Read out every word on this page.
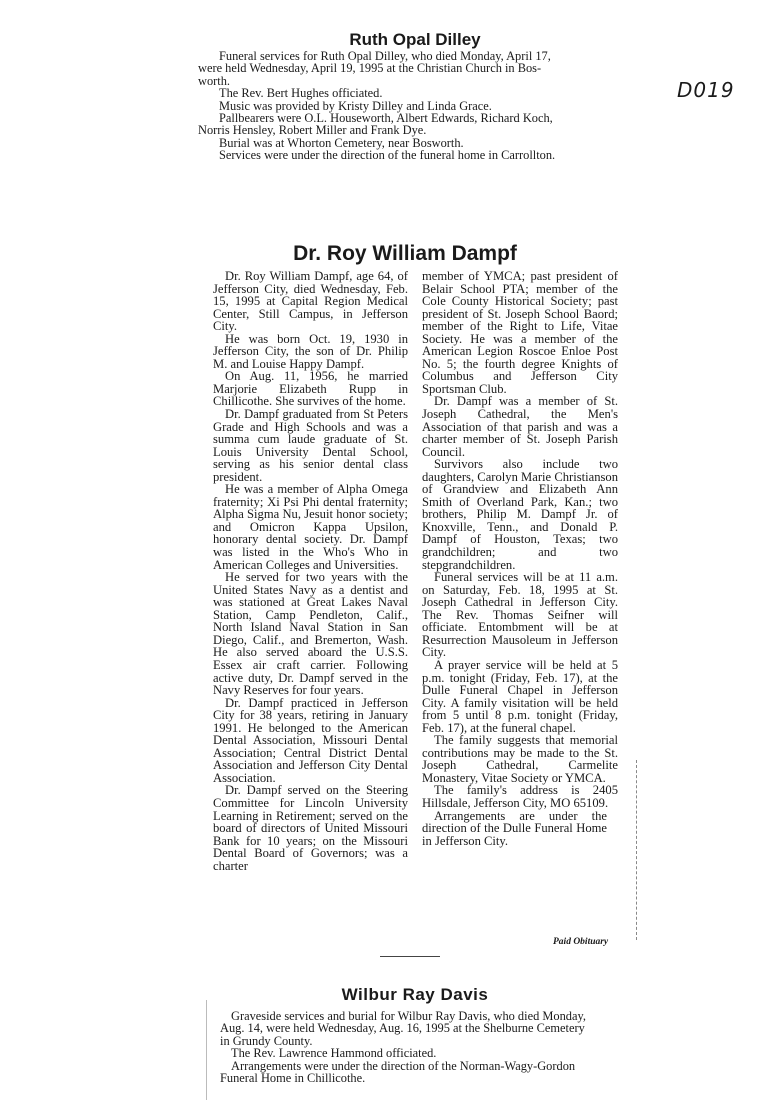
Ruth Opal Dilley

Funeral services for Ruth Opal Dilley, who died Monday, April 17,

were held Wednesday, April 19, 1995 at the Christian Church in Bos-

worth.

The Rev. Bert Hughes officiated.

Music was provided by Kristy Dilley and Linda Grace.

Pallbearers were O.L. Houseworth, Albert Edwards, Richard Koch,

Norris Hensley, Robert Miller and Frank Dye.

Burial was at Whorton Cemetery, near Bosworth.

Services were under the direction of the funeral home in Carrollton.

D019
Dr. Roy William Dampf

Dr. Roy William Dampf, age 64, of Jefferson City, died Wednesday, Feb. 15, 1995 at Capital Region Medical Center, Still Campus, in Jefferson City.

He was born Oct. 19, 1930 in Jefferson City, the son of Dr. Philip M. and Louise Happy Dampf.

On Aug. 11, 1956, he married Marjorie Elizabeth Rupp in Chillicothe. She survives of the home.

Dr. Dampf graduated from St Peters Grade and High Schools and was a summa cum laude graduate of St. Louis University Dental School, serving as his senior dental class president.

He was a member of Alpha Omega fraternity; Xi Psi Phi dental fraternity; Alpha Sigma Nu, Jesuit honor society; and Omicron Kappa Upsilon, honorary dental society. Dr. Dampf was listed in the Who's Who in American Colleges and Universities.

He served for two years with the United States Navy as a dentist and was stationed at Great Lakes Naval Station, Camp Pendleton, Calif., North Island Naval Station in San Diego, Calif., and Bremerton, Wash. He also served aboard the U.S.S. Essex air craft carrier. Following active duty, Dr. Dampf served in the Navy Reserves for four years.

Dr. Dampf practiced in Jefferson City for 38 years, retiring in January 1991. He belonged to the American Dental Association, Missouri Dental Association; Central District Dental Association and Jefferson City Dental Association.

Dr. Dampf served on the Steering Committee for Lincoln University Learning in Retirement; served on the board of directors of United Missouri Bank for 10 years; on the Missouri Dental Board of Governors; was a charter

member of YMCA; past president of Belair School PTA; member of the Cole County Historical Society; past president of St. Joseph School Baord; member of the Right to Life, Vitae Society. He was a member of the American Legion Roscoe Enloe Post No. 5; the fourth degree Knights of Columbus and Jefferson City Sportsman Club.

Dr. Dampf was a member of St. Joseph Cathedral, the Men's Association of that parish and was a charter member of St. Joseph Parish Council.

Survivors also include two daughters, Carolyn Marie Christianson of Grandview and Elizabeth Ann Smith of Overland Park, Kan.; two brothers, Philip M. Dampf Jr. of Knoxville, Tenn., and Donald P. Dampf of Houston, Texas; two grandchildren; and two stepgrandchildren.

Funeral services will be at 11 a.m. on Saturday, Feb. 18, 1995 at St. Joseph Cathedral in Jefferson City. The Rev. Thomas Seifner will officiate. Entombment will be at Resurrection Mausoleum in Jefferson City.

A prayer service will be held at 5 p.m. tonight (Friday, Feb. 17), at the Dulle Funeral Chapel in Jefferson City. A family visitation will be held from 5 until 8 p.m. tonight (Friday, Feb. 17), at the funeral chapel.

The family suggests that memorial contributions may be made to the St. Joseph Cathedral, Carmelite Monastery, Vitae Society or YMCA.

The family's address is 2405 Hillsdale, Jefferson City, MO 65109.

Arrangements are under the direction of the Dulle Funeral Home in Jefferson City.

Paid Obituary
Wilbur Ray Davis

Graveside services and burial for Wilbur Ray Davis, who died Monday,

Aug. 14, were held Wednesday, Aug. 16, 1995 at the Shelburne Cemetery

in Grundy County.

The Rev. Lawrence Hammond officiated.

Arrangements were under the direction of the Norman-Wagy-Gordon

Funeral Home in Chillicothe.
